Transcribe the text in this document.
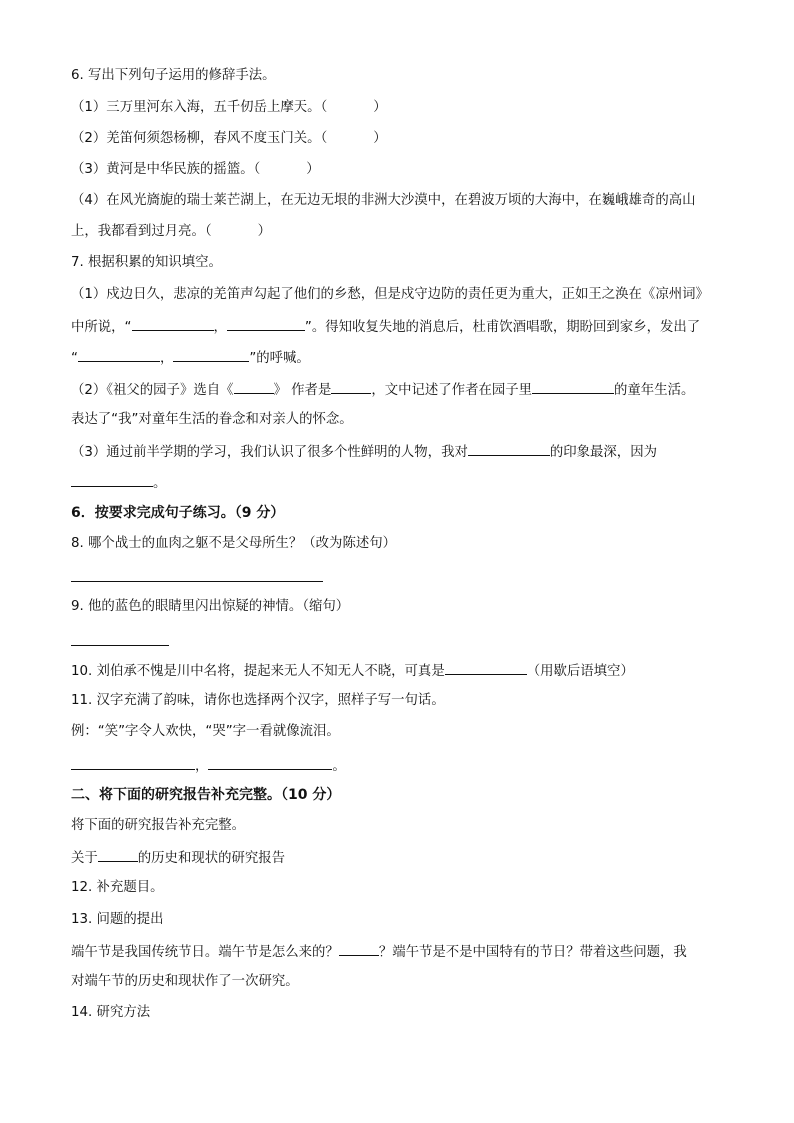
6. 写出下列句子运用的修辞手法。
（1）三万里河东入海，五千仞岳上摩天。（	）
（2）羌笛何须怨杨柳，春风不度玉门关。（	）
（3）黄河是中华民族的摇篮。（	）
（4）在风光旖旎的瑞士莱芒湖上，在无边无垠的非洲大沙漠中，在碧波万顷的大海中，在巍峨雄奇的高山
上，我都看到过月亮。（	）
7. 根据积累的知识填空。
（1）戍边日久，悲凉的羌笛声勾起了他们的乡愁，但是戍守边防的责任更为重大，正如王之涣在《凉州词》
中所说，“	，	”。得知收复失地的消息后，杜甫饮酒唱歌，期盼回到家乡，发出了
“	，	”的呼喊。
（2）《祖父的园子》选自《	》 作者是	，文中记述了作者在园子里	的童年生活。
表达了“我”对童年生活的眷念和对亲人的怀念。
（3）通过前半学期的学习，我们认识了很多个性鲜明的人物，我对	的印象最深，因为
。
6．按要求完成句子练习。（9 分）
8. 哪个战士的血肉之躯不是父母所生？（改为陈述句）
9. 他的蓝色的眼睛里闪出惊疑的神情。（缩句）
10. 刘伯承不愧是川中名将，提起来无人不知无人不晓，可真是	（用歇后语填空）
11. 汉字充满了韵味，请你也选择两个汉字，照样子写一句话。
例：“笑”字令人欢快，“哭”字一看就像流泪。
，	。
二、将下面的研究报告补充完整。（10 分）
将下面的研究报告补充完整。
关于	的历史和现状的研究报告
12. 补充题目。
13. 问题的提出
端午节是我国传统节日。端午节是怎么来的？	？端午节是不是中国特有的节日？带着这些问题，我
对端午节的历史和现状作了一次研究。
14. 研究方法
